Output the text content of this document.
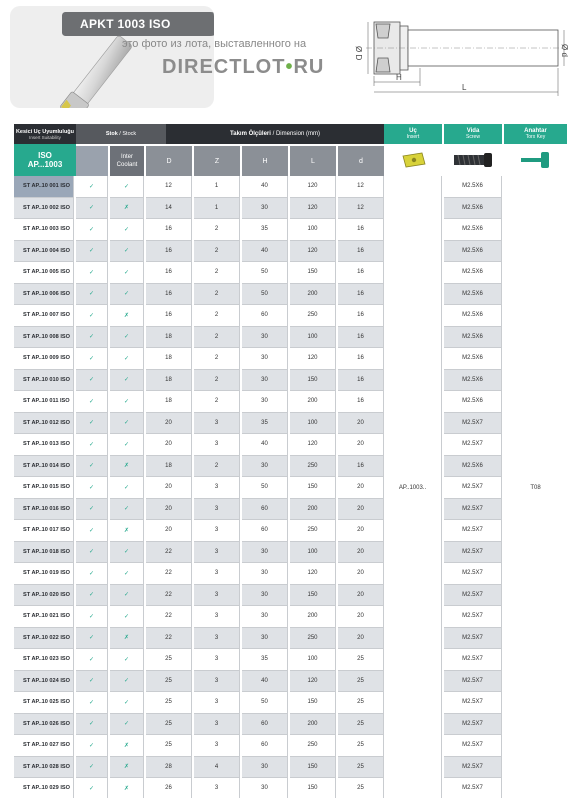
APKT 1003 ISO
это фото из лота, выставленного на
DIRECTLOT•RU
Ø D	Ø d
H
L
Kesici Uç Uyumluluğu
Insert Suitability
ISO
AP...1003
Stok / Stock	Takım Ölçüleri / Dimension (mm)	Uç
Insert
Vida
Screw
Anahtar
Torx Key
Inter
Coolant
D	Z	H	L	d
ST AP..10 001 ISO	✓	✓	12	1	40	120	12	M2.5X6
ST AP..10 002 ISO	✓	✗	14	1	30	120	12	M2.5X6
ST AP..10 003 ISO	✓	✓	16	2	35	100	16	M2.5X6
ST AP..10 004 ISO	✓	✓	16	2	40	120	16	M2.5X6
ST AP..10 005 ISO	✓	✓	16	2	50	150	16	M2.5X6
ST AP..10 006 ISO	✓	✓	16	2	50	200	16	M2.5X6
ST AP..10 007 ISO	✓	✗	16	2	60	250	16	M2.5X6
ST AP..10 008 ISO	✓	✓	18	2	30	100	16	M2.5X6
ST AP..10 009 ISO	✓	✓	18	2	30	120	16	M2.5X6
ST AP..10 010 ISO	✓	✓	18	2	30	150	16	M2.5X6
ST AP..10 011 ISO	✓	✓	18	2	30	200	16	M2.5X6
ST AP..10 012 ISO	✓	✓	20	3	35	100	20	M2.5X7
ST AP..10 013 ISO	✓	✓	20	3	40	120	20	M2.5X7
ST AP..10 014 ISO	✓	✗	18	2	30	250	16	M2.5X6
ST AP..10 015 ISO	✓	✓	20	3	50	150	20	M2.5X7
ST AP..10 016 ISO	✓	✓	20	3	60	200	20	M2.5X7
ST AP..10 017 ISO	✓	✗	20	3	60	250	20	M2.5X7
ST AP..10 018 ISO	✓	✓	22	3	30	100	20	M2.5X7
ST AP..10 019 ISO	✓	✓	22	3	30	120	20	M2.5X7
ST AP..10 020 ISO	✓	✓	22	3	30	150	20	M2.5X7
ST AP..10 021 ISO	✓	✓	22	3	30	200	20	M2.5X7
ST AP..10 022 ISO	✓	✗	22	3	30	250	20	M2.5X7
ST AP..10 023 ISO	✓	✓	25	3	35	100	25	M2.5X7
ST AP..10 024 ISO	✓	✓	25	3	40	120	25	M2.5X7
ST AP..10 025 ISO	✓	✓	25	3	50	150	25	M2.5X7
ST AP..10 026 ISO	✓	✓	25	3	60	200	25	M2.5X7
ST AP..10 027 ISO	✓	✗	25	3	60	250	25	M2.5X7
ST AP..10 028 ISO	✓	✗	28	4	30	150	25	M2.5X7
ST AP..10 029 ISO	✓	✗	26	3	30	150	25	M2.5X7
AP..1003..	T08
